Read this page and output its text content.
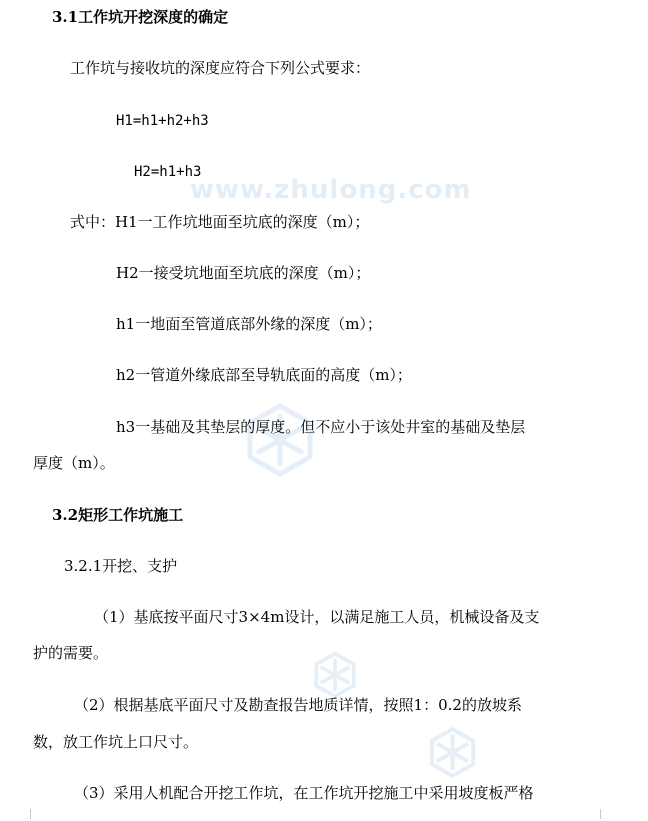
www.zhulong.com
3.1工作坑开挖深度的确定
工作坑与接收坑的深度应符合下列公式要求：
H1=h1+h2+h3
H2=h1+h3
式中：H1一工作坑地面至坑底的深度（m）；
H2一接受坑地面至坑底的深度（m）；
h1一地面至管道底部外缘的深度（m）；
h2一管道外缘底部至导轨底面的高度（m）；
h3一基础及其垫层的厚度。但不应小于该处井室的基础及垫层
厚度（m）。
3.2矩形工作坑施工
3.2.1开挖、支护
（1）基底按平面尺寸3×4m设计，以满足施工人员，机械设备及支
护的需要。
（2）根据基底平面尺寸及勘查报告地质详情，按照1：0.2的放坡系
数，放工作坑上口尺寸。
（3）采用人机配合开挖工作坑，在工作坑开挖施工中采用坡度板严格
